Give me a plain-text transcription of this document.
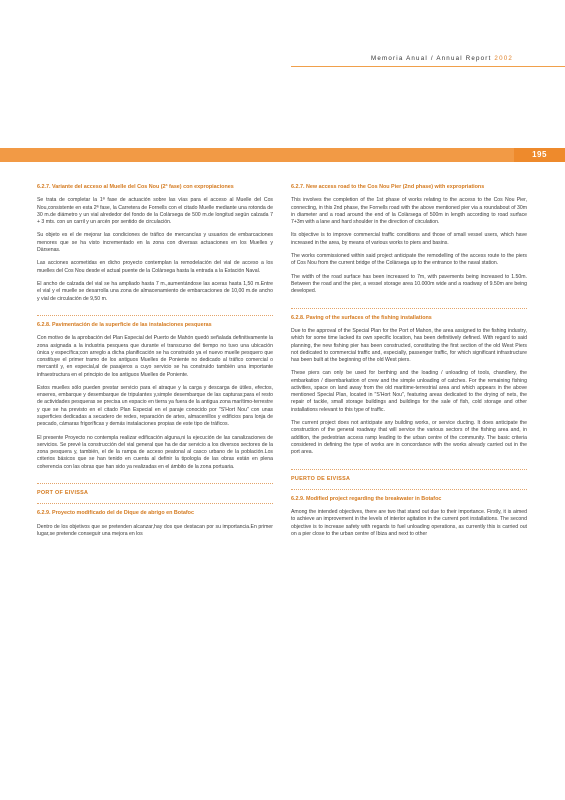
Memoria Anual / Annual Report 2002
195
6.2.7. Variante del acceso al Muelle del Cos Nou (2ª fase) con expropiaciones

Se trata de completar la 1ª fase de actuación sobre las vías para el acceso al Muelle del Cos Nou,consistente en esta 2ª fase, la Carretera de Fornells con el citado Muelle mediante una rotonda de 30 m.de diámetro y un vial alrededor del fondo de la Colàrsega de 500 m.de longitud según calzada 7 + 3 mts. con un carril y un arcén por sentido de circulación.

Su objeto es el de mejorar las condiciones de tráfico de mercancías y usuarios de embarcaciones menores que se ha visto incrementado en la zona con diversas actuaciones en los Muelles y Dàrsenas.

Las acciones acometidas en dicho proyecto contemplan la remodelación del vial de acceso a los muelles del Cos Nou desde el actual puente de la Colàrsega hasta la entrada a la Estación Naval.

El ancho de calzada del vial se ha ampliado hasta 7 m.,aumentándose las aceras hasta 1,50 m.Entre el vial y el muelle se desarrolla una zona de almacenamiento de embarcaciones de 10,00 m.de ancho y vial de circulación de 9,50 m.

6.2.8. Pavimentación de la superficie de las instalaciones pesqueras

Con motivo de la aprobación del Plan Especial del Puerto de Mahón quedó señalada definitivamente la zona asignada a la industria pesquera que durante el transcurso del tiempo no tuvo una ubicación única y específica;con arreglo a dicha planificación se ha construido ya el nuevo muelle pesquero que constituye el primer tramo de los antiguos Muelles de Poniente no dedicado al tráfico comercial o mercantil y, en especial,al de pasajeros a cuyo servicio se ha construido también una importante infraestructura en el principio de los antiguos Muelles de Poniente.

Estos muelles sólo pueden prestar servicio para el atraque y la carga y descarga de útiles, efectos, enseres, embarque y desembarque de tripulantes y,simple desembarque de las capturas;para el resto de actividades pesqueras se precisa un espacio en tierra ya fuera de la antigua zona marítimo-terrestre y que se ha previsto en el citado Plan Especial en el paraje conocido por "S'Hort Nou" con unas superficies dedicadas a secadero de redes, reparación de artes, almacenillos y edificios para lonja de pescado, cámaras frigoríficas y demás instalaciones propias de este tipo de tráficos.

El presente Proyecto no contempla realizar edificación alguna,ni la ejecución de las canalizaciones de servicios. Se prevé la construcción del vial general que ha de dar servicio a los diversos sectores de la zona pesquera y, también, el de la rampa de acceso peatonal al casco urbano de la población.Los criterios básicos que se han tenido en cuenta al definir la tipología de las obras están en plena coherencia con las obras que han sido ya realizadas en el ámbito de la zona portuaria.

PORT OF EIVISSA
6.2.9. Proyecto modificado del de Dique de abrigo en Botafoc

Dentro de los objetivos que se pretenden alcanzar,hay dos que destacan por su importancia.En primer lugar,se pretende conseguir una mejora en los

6.2.7. New access road to the Cos Nou Pier (2nd phase) with expropriations

This involves the completion of the 1st phase of works relating to the access to the Cos Nou Pier, connecting, in this 2nd phase, the Fornells road with the above mentioned pier via a roundabout of 30m in diameter and a road around the end of la Colàrsega of 500m in length according to road surface 7+3m with a lane and hard shoulder in the direction of circulation.

Its objective is to improve commercial traffic conditions and those of small vessel users, which have increased in the area, by means of various works to piers and basins.

The works commissioned within said project anticipate the remodelling of the access route to the piers of Cos Nou from the current bridge of the Colàrsega up to the entrance to the naval station.

The width of the road surface has been increased to 7m, with pavements being increased to 1.50m. Between the road and the pier, a vessel storage area 10.000m wide and a roadway of 9.50m are being developed.

6.2.8. Paving of the surfaces of the fishing installations

Due to the approval of the Special Plan for the Port of Mahon, the area assigned to the fishing industry, which for some time lacked its own specific location, has been definitively defined. With regard to said planning, the new fishing pier has been constructed, constituting the first section of the old West Piers not dedicated to commercial traffic and, especially, passenger traffic, for which significant infrastructure has been built at the beginning of the old West piers.

These piers can only be used for berthing and the loading / unloading of tools, chandlery, the embarkation / disembarkation of crew and the simple unloading of catches. For the remaining fishing activities, space on land away from the old maritime-terrestrial area and which appears in the above mentioned Special Plan, located in "S'Hort Nou", featuring areas dedicated to the drying of nets, the repair of tackle, small storage buildings and buildings for the sale of fish, cold storage and other installations relevant to this type of traffic.

The current project does not anticipate any building works, or service ducting. It does anticipate the construction of the general roadway that will service the various sectors of the fishing area and, in addition, the pedestrian access ramp leading to the urban centre of the community. The basic criteria considered in defining the type of works are in concordance with the works already carried out in the port area.

PUERTO DE EIVISSA
6.2.9. Modified project regarding the breakwater in Botafoc

Among the intended objectives, there are two that stand out due to their importance. Firstly, it is aimed to achieve an improvement in the levels of interior agitation in the current port installations. The second objective is to increase safety with regards to fuel unloading operations, as currently this is carried out on a pier close to the urban centre of Ibiza and next to other
